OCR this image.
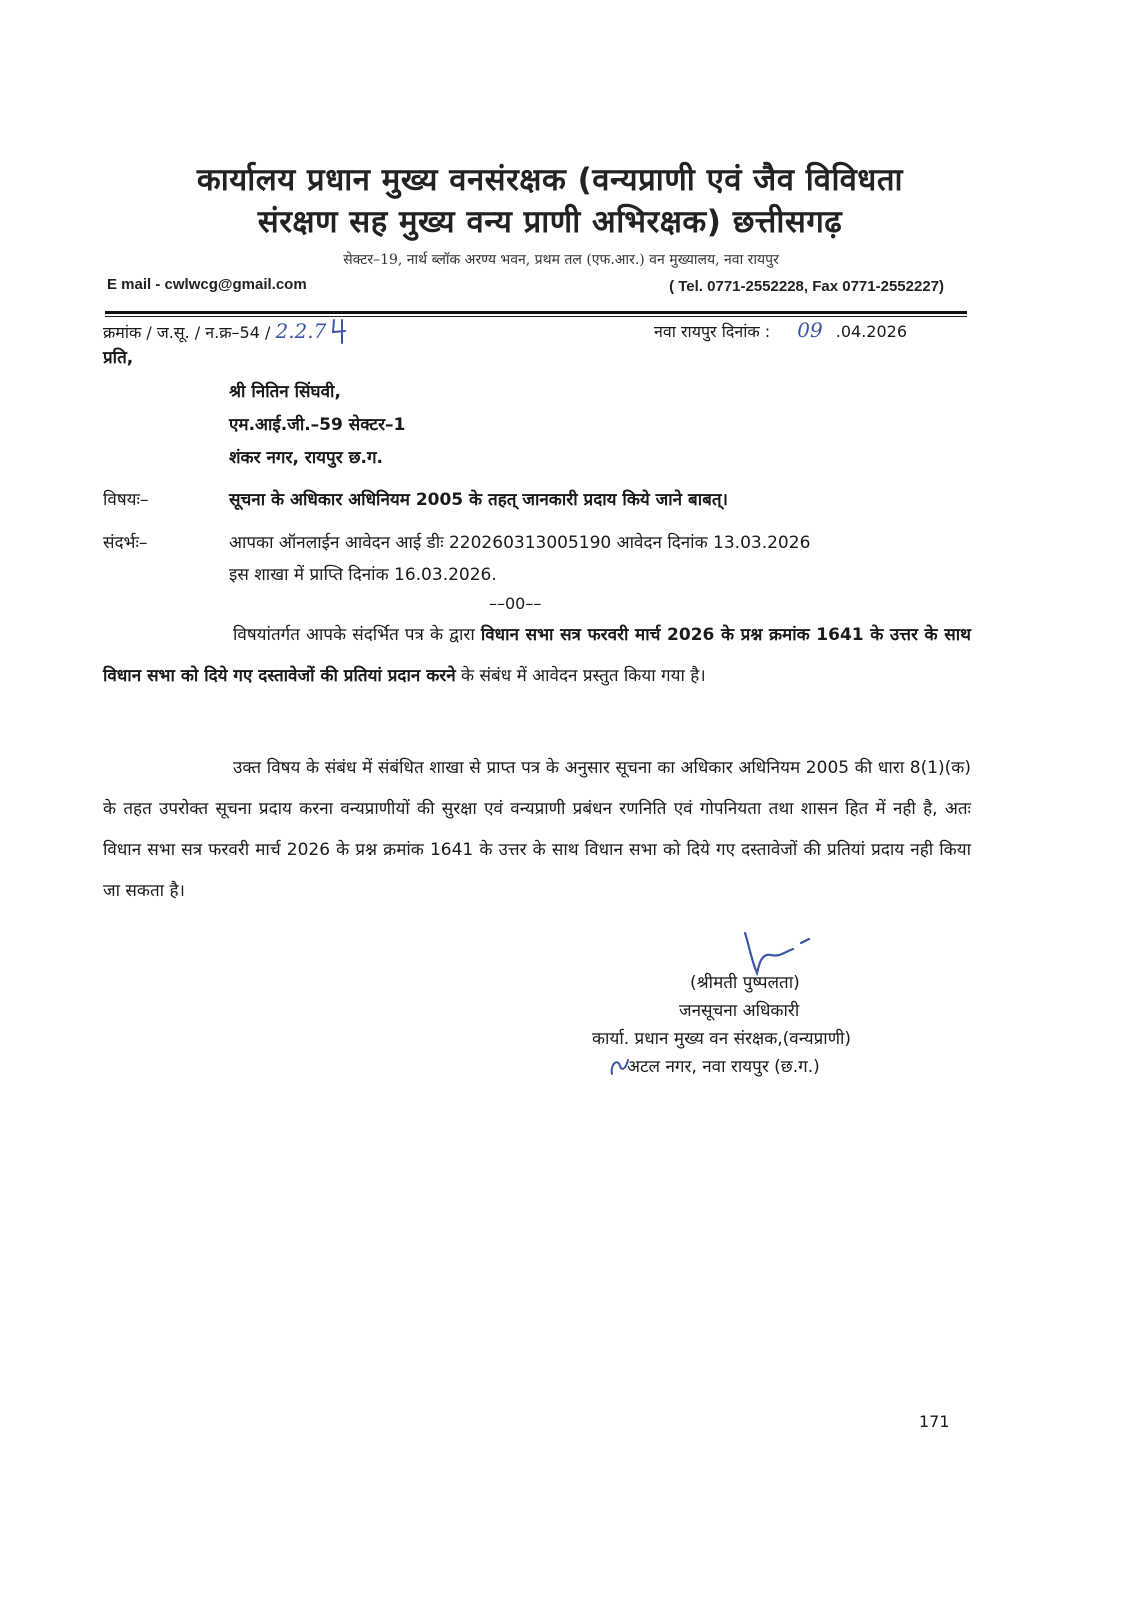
कार्यालय प्रधान मुख्य वनसंरक्षक (वन्यप्राणी एवं जैव विविधता
संरक्षण सह मुख्य वन्य प्राणी अभिरक्षक) छत्तीसगढ़
सेक्टर–19, नार्थ ब्लॉक अरण्य भवन, प्रथम तल (एफ.आर.) वन मुख्यालय, नवा रायपुर
E mail - cwlwcg@gmail.com	( Tel. 0771-2552228, Fax 0771-2552227)
क्रमांक / ज.सू. / न.क्र–54 / 2.2.7	नवा रायपुर दिनांक : 09 .04.2026
प्रति,
श्री नितिन सिंघवी,
एम.आई.जी.–59 सेक्टर–1
शंकर नगर, रायपुर छ.ग.
विषयः–	सूचना के अधिकार अधिनियम 2005 के तहत् जानकारी प्रदाय किये जाने बाबत्।
संदर्भः–	आपका ऑनलाईन आवेदन आई डीः 220260313005190 आवेदन दिनांक 13.03.2026
इस शाखा में प्राप्ति दिनांक 16.03.2026.
––00––

विषयांतर्गत आपके संदर्भित पत्र के द्वारा विधान सभा सत्र फरवरी मार्च 2026 के प्रश्न क्रमांक 1641 के उत्तर के साथ विधान सभा को दिये गए दस्तावेजों की प्रतियां प्रदान करने के संबंध में आवेदन प्रस्तुत किया गया है।

उक्त विषय के संबंध में संबंधित शाखा से प्राप्त पत्र के अनुसार सूचना का अधिकार अधिनियम 2005 की धारा 8(1)(क) के तहत उपरोक्त सूचना प्रदाय करना वन्यप्राणीयों की सुरक्षा एवं वन्यप्राणी प्रबंधन रणनिति एवं गोपनियता तथा शासन हित में नही है, अतः विधान सभा सत्र फरवरी मार्च 2026 के प्रश्न क्रमांक 1641 के उत्तर के साथ विधान सभा को दिये गए दस्तावेजों की प्रतियां प्रदाय नही किया जा सकता है।

(श्रीमती पुष्पलता)
जनसूचना अधिकारी
कार्या. प्रधान मुख्य वन संरक्षक,(वन्यप्राणी)
अटल नगर, नवा रायपुर (छ.ग.)
171
